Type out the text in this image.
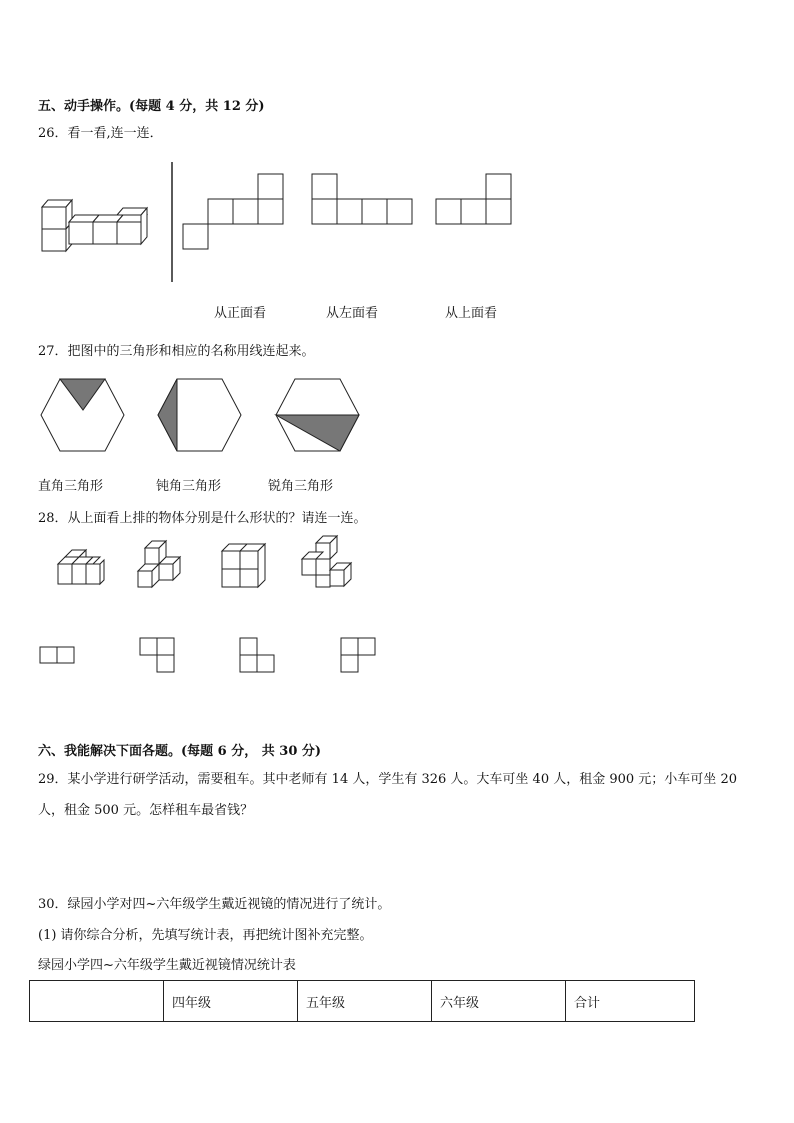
五、动手操作。(每题 4 分，共 12 分)
26．看一看,连一连．
从正面看	从左面看	从上面看
27．把图中的三角形和相应的名称用线连起来。
直角三角形	钝角三角形	锐角三角形
28．从上面看上排的物体分别是什么形状的？请连一连。
六、我能解决下面各题。(每题 6 分， 共 30 分)
29．某小学进行研学活动，需要租车。其中老师有 14 人，学生有 326 人。大车可坐 40 人，租金 900 元；小车可坐 20
人，租金 500 元。怎样租车最省钱？
30．绿园小学对四~六年级学生戴近视镜的情况进行了统计。
(1) 请你综合分析，先填写统计表，再把统计图补充完整。
绿园小学四~六年级学生戴近视镜情况统计表
	四年级	五年级	六年级	合计
